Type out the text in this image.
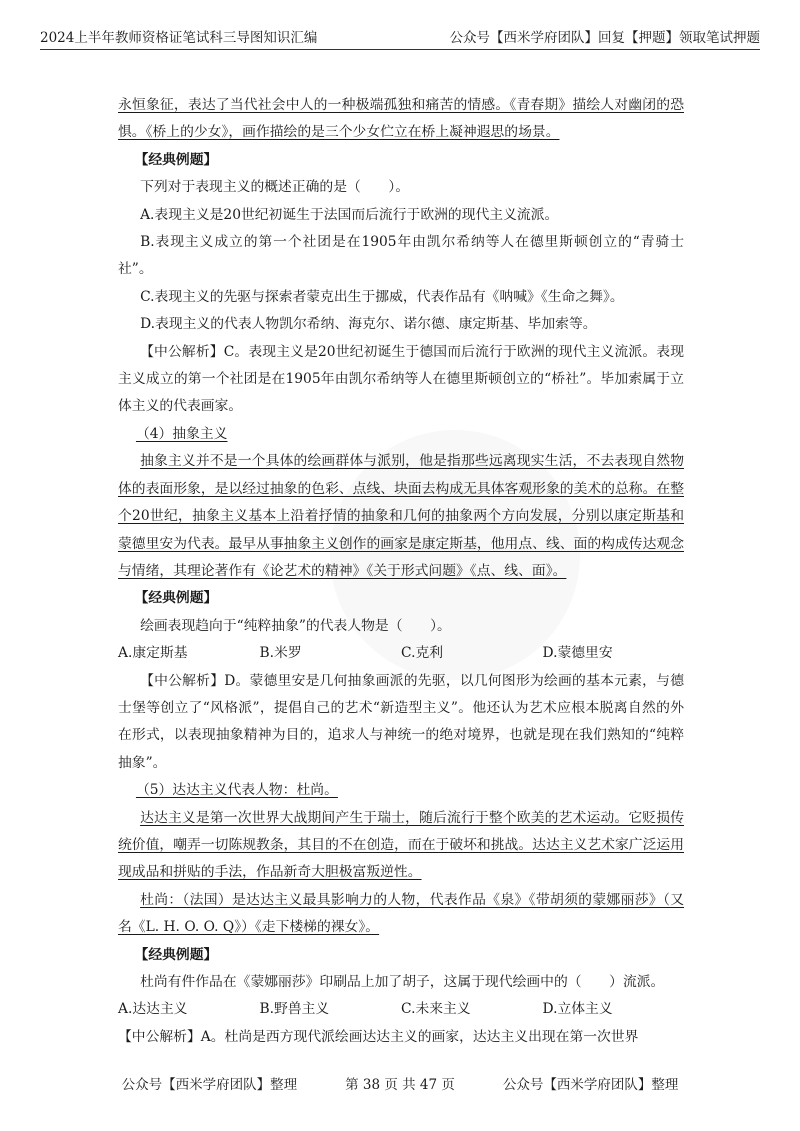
2024上半年教师资格证笔试科三导图知识汇编	公众号【西米学府团队】回复【押题】领取笔试押题

永恒象征，表达了当代社会中人的一种极端孤独和痛苦的情感。《青春期》描绘人对幽闭的恐惧。《桥上的少女》，画作描绘的是三个少女伫立在桥上凝神遐思的场景。

【经典例题】

下列对于表现主义的概述正确的是（　　）。

A.表现主义是20世纪初诞生于法国而后流行于欧洲的现代主义流派。

B.表现主义成立的第一个社团是在1905年由凯尔希纳等人在德里斯顿创立的“青骑士社”。

C.表现主义的先驱与探索者蒙克出生于挪威，代表作品有《呐喊》《生命之舞》。

D.表现主义的代表人物凯尔希纳、海克尔、诺尔德、康定斯基、毕加索等。

【中公解析】C。表现主义是20世纪初诞生于德国而后流行于欧洲的现代主义流派。表现主义成立的第一个社团是在1905年由凯尔希纳等人在德里斯顿创立的“桥社”。毕加索属于立体主义的代表画家。

（4）抽象主义

抽象主义并不是一个具体的绘画群体与派别，他是指那些远离现实生活，不去表现自然物体的表面形象，是以经过抽象的色彩、点线、块面去构成无具体客观形象的美术的总称。在整个20世纪，抽象主义基本上沿着抒情的抽象和几何的抽象两个方向发展，分别以康定斯基和蒙德里安为代表。最早从事抽象主义创作的画家是康定斯基，他用点、线、面的构成传达观念与情绪，其理论著作有《论艺术的精神》《关于形式问题》《点、线、面》。

【经典例题】

绘画表现趋向于“纯粹抽象”的代表人物是（　　）。

A.康定斯基	B.米罗	C.克利	D.蒙德里安

【中公解析】D。蒙德里安是几何抽象画派的先驱，以几何图形为绘画的基本元素，与德士堡等创立了“风格派”，提倡自己的艺术“新造型主义”。他还认为艺术应根本脱离自然的外在形式，以表现抽象精神为目的，追求人与神统一的绝对境界，也就是现在我们熟知的“纯粹抽象”。

（5）达达主义代表人物：杜尚。

达达主义是第一次世界大战期间产生于瑞士，随后流行于整个欧美的艺术运动。它贬损传统价值，嘲弄一切陈规教条，其目的不在创造，而在于破坏和挑战。达达主义艺术家广泛运用现成品和拼贴的手法，作品新奇大胆极富叛逆性。

杜尚：（法国）是达达主义最具影响力的人物，代表作品《泉》《带胡须的蒙娜丽莎》（又名《L. H. O. O. Q》）《走下楼梯的裸女》。

【经典例题】

杜尚有件作品在《蒙娜丽莎》印刷品上加了胡子，这属于现代绘画中的（　　）流派。

A.达达主义	B.野兽主义	C.未来主义	D.立体主义

【中公解析】A。杜尚是西方现代派绘画达达主义的画家，达达主义出现在第一次世界

公众号【西米学府团队】整理	第 38 页 共 47 页	公众号【西米学府团队】整理
